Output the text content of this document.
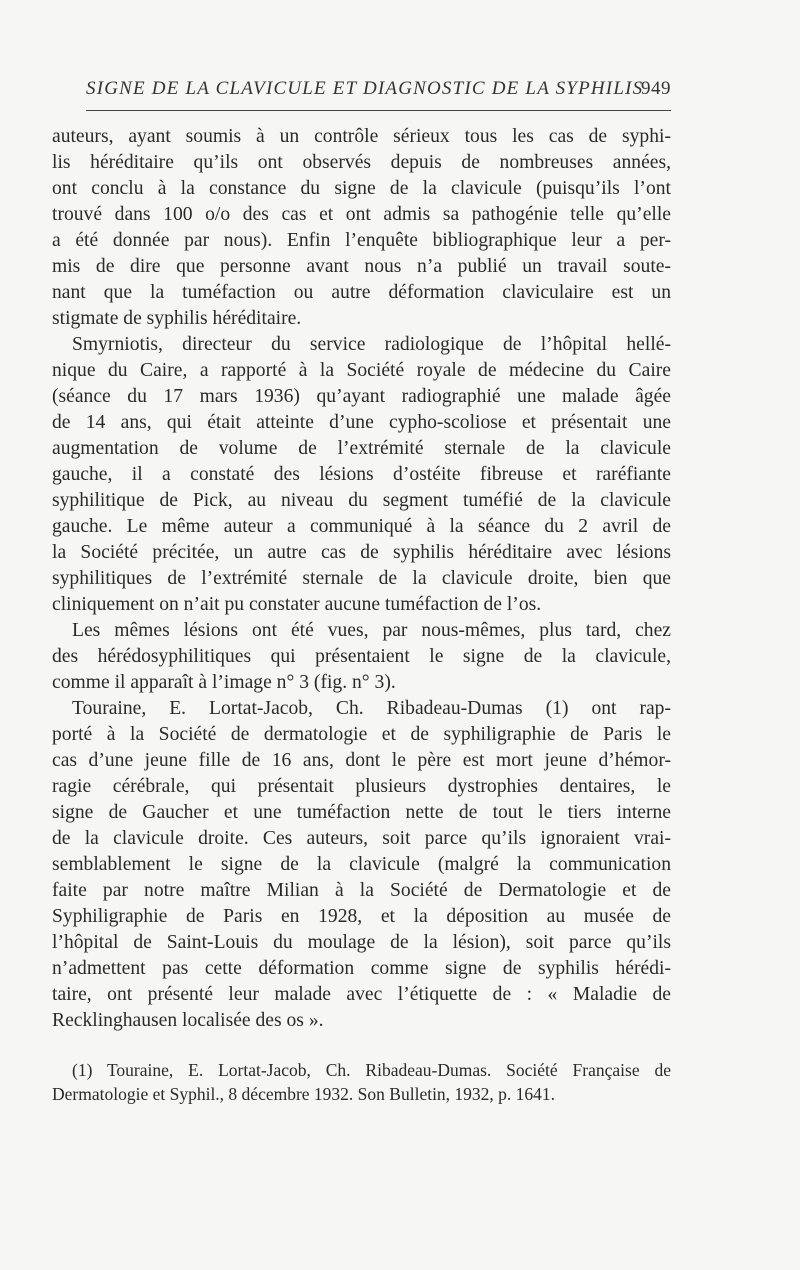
SIGNE DE LA CLAVICULE ET DIAGNOSTIC DE LA SYPHILIS
949
auteurs, ayant soumis à un contrôle sérieux tous les cas de syphi-
lis héréditaire qu’ils ont observés depuis de nombreuses années,
ont conclu à la constance du signe de la clavicule (puisqu’ils l’ont
trouvé dans 100 o/o des cas et ont admis sa pathogénie telle qu’elle
a été donnée par nous). Enfin l’enquête bibliographique leur a per-
mis de dire que personne avant nous n’a publié un travail soute-
nant que la tuméfaction ou autre déformation claviculaire est un
stigmate de syphilis héréditaire.
Smyrniotis, directeur du service radiologique de l’hôpital hellé-
nique du Caire, a rapporté à la Société royale de médecine du Caire
(séance du 17 mars 1936) qu’ayant radiographié une malade âgée
de 14 ans, qui était atteinte d’une cypho-scoliose et présentait une
augmentation de volume de l’extrémité sternale de la clavicule
gauche, il a constaté des lésions d’ostéite fibreuse et raréfiante
syphilitique de Pick, au niveau du segment tuméfié de la clavicule
gauche. Le même auteur a communiqué à la séance du 2 avril de
la Société précitée, un autre cas de syphilis héréditaire avec lésions
syphilitiques de l’extrémité sternale de la clavicule droite, bien que
cliniquement on n’ait pu constater aucune tuméfaction de l’os.
Les mêmes lésions ont été vues, par nous-mêmes, plus tard, chez
des hérédosyphilitiques qui présentaient le signe de la clavicule,
comme il apparaît à l’image n° 3 (fig. n° 3).
Touraine, E. Lortat-Jacob, Ch. Ribadeau-Dumas (1) ont rap-
porté à la Société de dermatologie et de syphiligraphie de Paris le
cas d’une jeune fille de 16 ans, dont le père est mort jeune d’hémor-
ragie cérébrale, qui présentait plusieurs dystrophies dentaires, le
signe de Gaucher et une tuméfaction nette de tout le tiers interne
de la clavicule droite. Ces auteurs, soit parce qu’ils ignoraient vrai-
semblablement le signe de la clavicule (malgré la communication
faite par notre maître Milian à la Société de Dermatologie et de
Syphiligraphie de Paris en 1928, et la déposition au musée de
l’hôpital de Saint-Louis du moulage de la lésion), soit parce qu’ils
n’admettent pas cette déformation comme signe de syphilis hérédi-
taire, ont présenté leur malade avec l’étiquette de : « Maladie de
Recklinghausen localisée des os ».
(1) Touraine, E. Lortat-Jacob, Ch. Ribadeau-Dumas. Société Française de
Dermatologie et Syphil., 8 décembre 1932. Son Bulletin, 1932, p. 1641.
